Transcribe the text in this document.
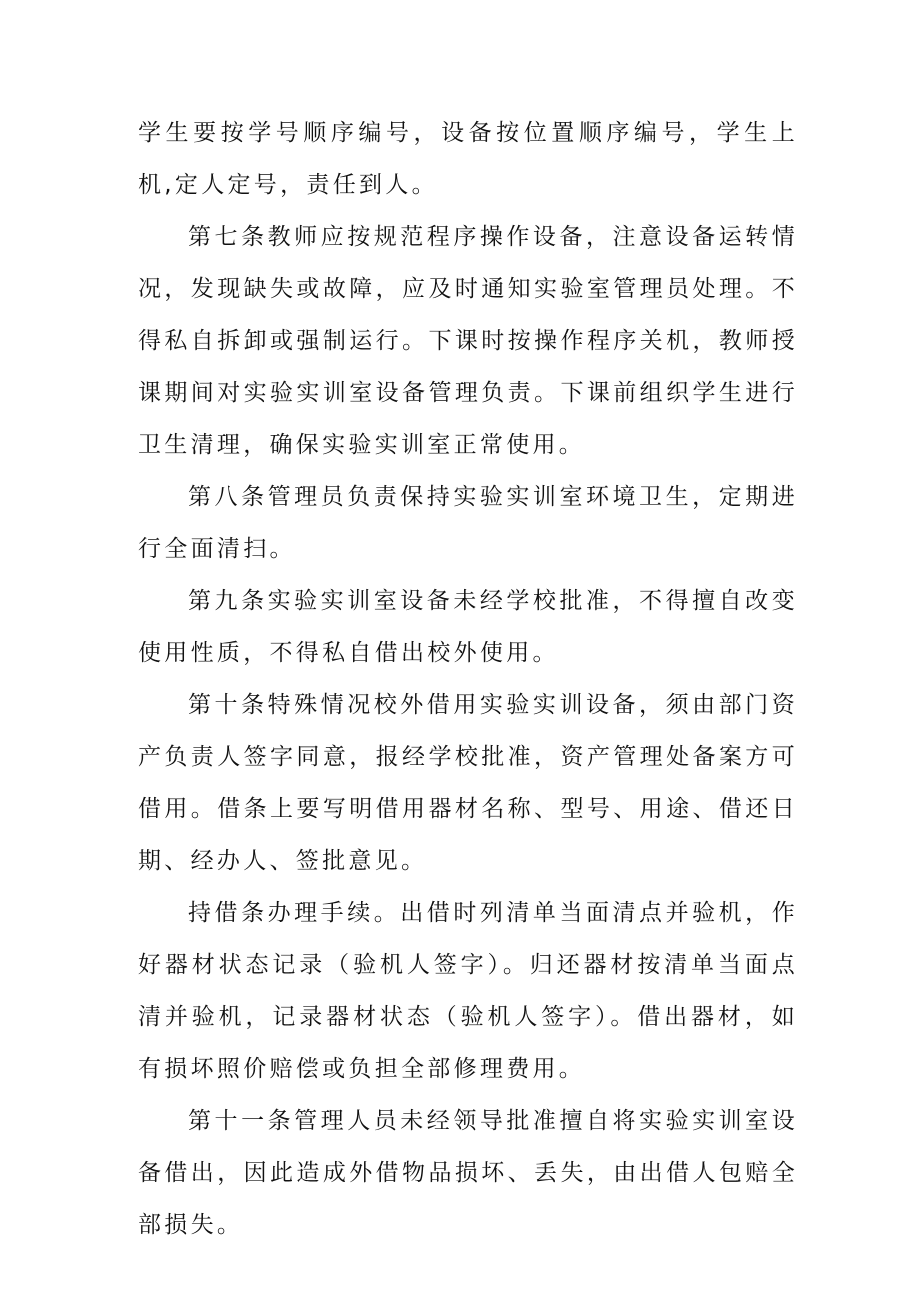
学生要按学号顺序编号，设备按位置顺序编号，学生上机,定人定号，责任到人。

第七条教师应按规范程序操作设备，注意设备运转情况，发现缺失或故障，应及时通知实验室管理员处理。不得私自拆卸或强制运行。下课时按操作程序关机，教师授课期间对实验实训室设备管理负责。下课前组织学生进行卫生清理，确保实验实训室正常使用。

第八条管理员负责保持实验实训室环境卫生，定期进行全面清扫。

第九条实验实训室设备未经学校批准，不得擅自改变使用性质，不得私自借出校外使用。

第十条特殊情况校外借用实验实训设备，须由部门资产负责人签字同意，报经学校批准，资产管理处备案方可借用。借条上要写明借用器材名称、型号、用途、借还日期、经办人、签批意见。

持借条办理手续。出借时列清单当面清点并验机，作好器材状态记录（验机人签字）。归还器材按清单当面点清并验机，记录器材状态（验机人签字）。借出器材，如有损坏照价赔偿或负担全部修理费用。

第十一条管理人员未经领导批准擅自将实验实训室设备借出，因此造成外借物品损坏、丢失，由出借人包赔全部损失。
